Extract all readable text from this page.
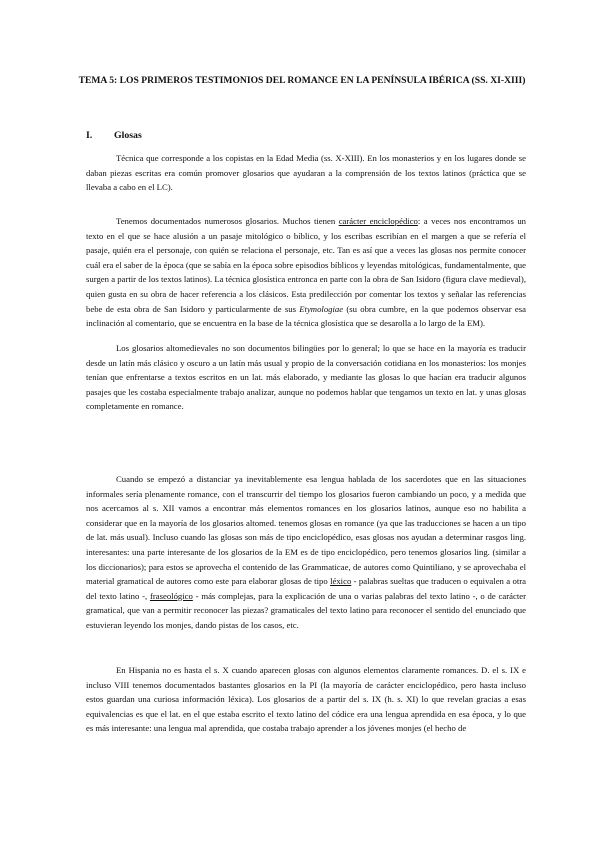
TEMA 5: LOS PRIMEROS TESTIMONIOS DEL ROMANCE EN LA PENÍNSULA IBÉRICA (SS. XI-XIII)
I. Glosas

Técnica que corresponde a los copistas en la Edad Media (ss. X-XIII). En los monasterios y en los lugares donde se daban piezas escritas era común promover glosarios que ayudaran a la comprensión de los textos latinos (práctica que se llevaba a cabo en el LC).

Tenemos documentados numerosos glosarios. Muchos tienen carácter enciclopédico: a veces nos encontramos un texto en el que se hace alusión a un pasaje mitológico o bíblico, y los escribas escribían en el margen a que se refería el pasaje, quién era el personaje, con quién se relaciona el personaje, etc. Tan es así que a veces las glosas nos permite conocer cuál era el saber de la época (que se sabía en la época sobre episodios bíblicos y leyendas mitológicas, fundamentalmente, que surgen a partir de los textos latinos). La técnica glosística entronca en parte con la obra de San Isidoro (figura clave medieval), quien gusta en su obra de hacer referencia a los clásicos. Esta predilección por comentar los textos y señalar las referencias bebe de esta obra de San Isidoro y particularmente de sus Etymologiae (su obra cumbre, en la que podemos observar esa inclinación al comentario, que se encuentra en la base de la técnica glosística que se desarolla a lo largo de la EM).

Los glosarios altomedievales no son documentos bilingües por lo general; lo que se hace en la mayoría es traducir desde un latín más clásico y oscuro a un latín más usual y propio de la conversación cotidiana en los monasterios: los monjes tenían que enfrentarse a textos escritos en un lat. más elaborado, y mediante las glosas lo que hacían era traducir algunos pasajes que les costaba especialmente trabajo analizar, aunque no podemos hablar que tengamos un texto en lat. y unas glosas completamente en romance.

Cuando se empezó a distanciar ya inevitablemente esa lengua hablada de los sacerdotes que en las situaciones informales sería plenamente romance, con el transcurrir del tiempo los glosarios fueron cambiando un poco, y a medida que nos acercamos al s. XII vamos a encontrar más elementos romances en los glosarios latinos, aunque eso no habilita a considerar que en la mayoría de los glosarios altomed. tenemos glosas en romance (ya que las traducciones se hacen a un tipo de lat. más usual). Incluso cuando las glosas son más de tipo enciclopédico, esas glosas nos ayudan a determinar rasgos ling. interesantes: una parte interesante de los glosarios de la EM es de tipo enciclopédico, pero tenemos glosarios ling. (similar a los diccionarios); para estos se aprovecha el contenido de las Grammaticae, de autores como Quintiliano, y se aprovechaba el material gramatical de autores como este para elaborar glosas de tipo léxico - palabras sueltas que traducen o equivalen a otra del texto latino -, fraseológico - más complejas, para la explicación de una o varias palabras del texto latino -, o de carácter gramatical, que van a permitir reconocer las piezas? gramaticales del texto latino para reconocer el sentido del enunciado que estuvieran leyendo los monjes, dando pistas de los casos, etc.

En Hispania no es hasta el s. X cuando aparecen glosas con algunos elementos claramente romances. D. el s. IX e incluso VIII tenemos documentados bastantes glosarios en la PI (la mayoría de carácter enciclopédico, pero hasta incluso estos guardan una curiosa información léxica). Los glosarios de a partir del s. IX (h. s. XI) lo que revelan gracias a esas equivalencias es que el lat. en el que estaba escrito el texto latino del códice era una lengua aprendida en esa época, y lo que es más interesante: una lengua mal aprendida, que costaba trabajo aprender a los jóvenes monjes (el hecho de
